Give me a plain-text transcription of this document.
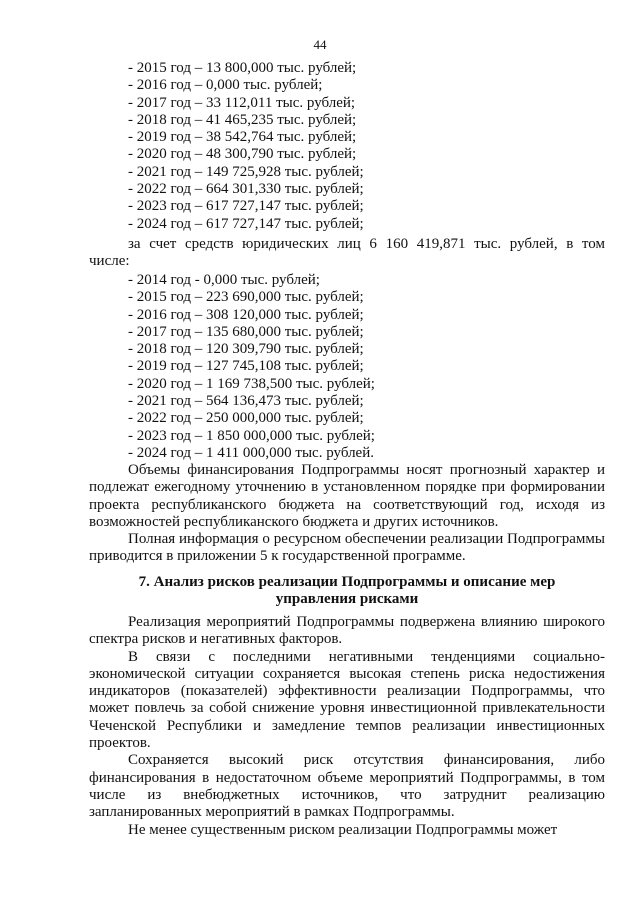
44
- 2015 год – 13 800,000 тыс. рублей;
- 2016 год – 0,000 тыс. рублей;
- 2017 год – 33 112,011 тыс. рублей;
- 2018 год – 41 465,235 тыс. рублей;
- 2019 год – 38 542,764 тыс. рублей;
- 2020 год – 48 300,790 тыс. рублей;
- 2021 год – 149 725,928 тыс. рублей;
- 2022 год – 664 301,330 тыс. рублей;
- 2023 год – 617 727,147 тыс. рублей;
- 2024 год – 617 727,147 тыс. рублей;
за счет средств юридических лиц 6 160 419,871 тыс. рублей, в том
числе:
- 2014 год - 0,000 тыс. рублей;
- 2015 год – 223 690,000 тыс. рублей;
- 2016 год – 308 120,000 тыс. рублей;
- 2017 год – 135 680,000 тыс. рублей;
- 2018 год – 120 309,790 тыс. рублей;
- 2019 год – 127 745,108 тыс. рублей;
- 2020 год – 1 169 738,500 тыс. рублей;
- 2021 год – 564 136,473 тыс. рублей;
- 2022 год – 250 000,000 тыс. рублей;
- 2023 год – 1 850 000,000 тыс. рублей;
- 2024 год – 1 411 000,000 тыс. рублей.
Объемы финансирования Подпрограммы носят прогнозный характер и подлежат ежегодному уточнению в установленном порядке при формировании проекта республиканского бюджета на соответствующий год, исходя из возможностей республиканского бюджета и других источников.
Полная информация о ресурсном обеспечении реализации Подпрограммы приводится в приложении 5 к государственной программе.
7. Анализ рисков реализации Подпрограммы и описание мер
управления рисками
Реализация мероприятий Подпрограммы подвержена влиянию широкого спектра рисков и негативных факторов.
В связи с последними негативными тенденциями социально-экономической ситуации сохраняется высокая степень риска недостижения индикаторов (показателей) эффективности реализации Подпрограммы, что может повлечь за собой снижение уровня инвестиционной привлекательности Чеченской Республики и замедление темпов реализации инвестиционных проектов.
Сохраняется высокий риск отсутствия финансирования, либо финансирования в недостаточном объеме мероприятий Подпрограммы, в том числе из внебюджетных источников, что затруднит реализацию запланированных мероприятий в рамках Подпрограммы.
Не менее существенным риском реализации Подпрограммы может
